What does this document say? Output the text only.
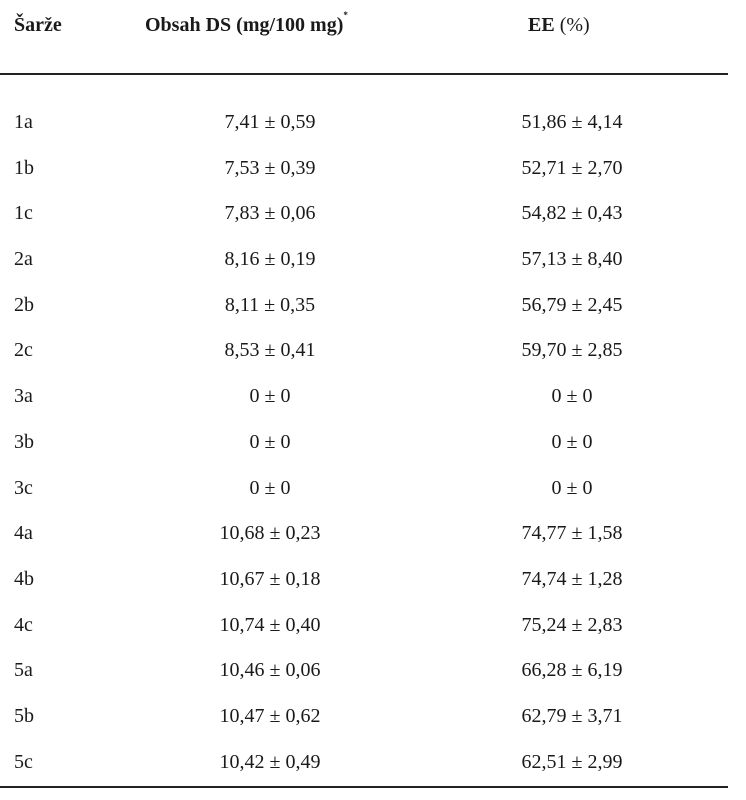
Šarže	Obsah DS (mg/100 mg)*	EE (%)
1a	7,41 ± 0,59	51,86 ± 4,14
1b	7,53 ± 0,39	52,71 ± 2,70
1c	7,83 ± 0,06	54,82 ± 0,43
2a	8,16 ± 0,19	57,13 ± 8,40
2b	8,11 ± 0,35	56,79 ± 2,45
2c	8,53 ± 0,41	59,70 ± 2,85
3a	0 ± 0	0 ± 0
3b	0 ± 0	0 ± 0
3c	0 ± 0	0 ± 0
4a	10,68 ± 0,23	74,77 ± 1,58
4b	10,67 ± 0,18	74,74 ± 1,28
4c	10,74 ± 0,40	75,24 ± 2,83
5a	10,46 ± 0,06	66,28 ± 6,19
5b	10,47 ± 0,62	62,79 ± 3,71
5c	10,42 ± 0,49	62,51 ± 2,99
